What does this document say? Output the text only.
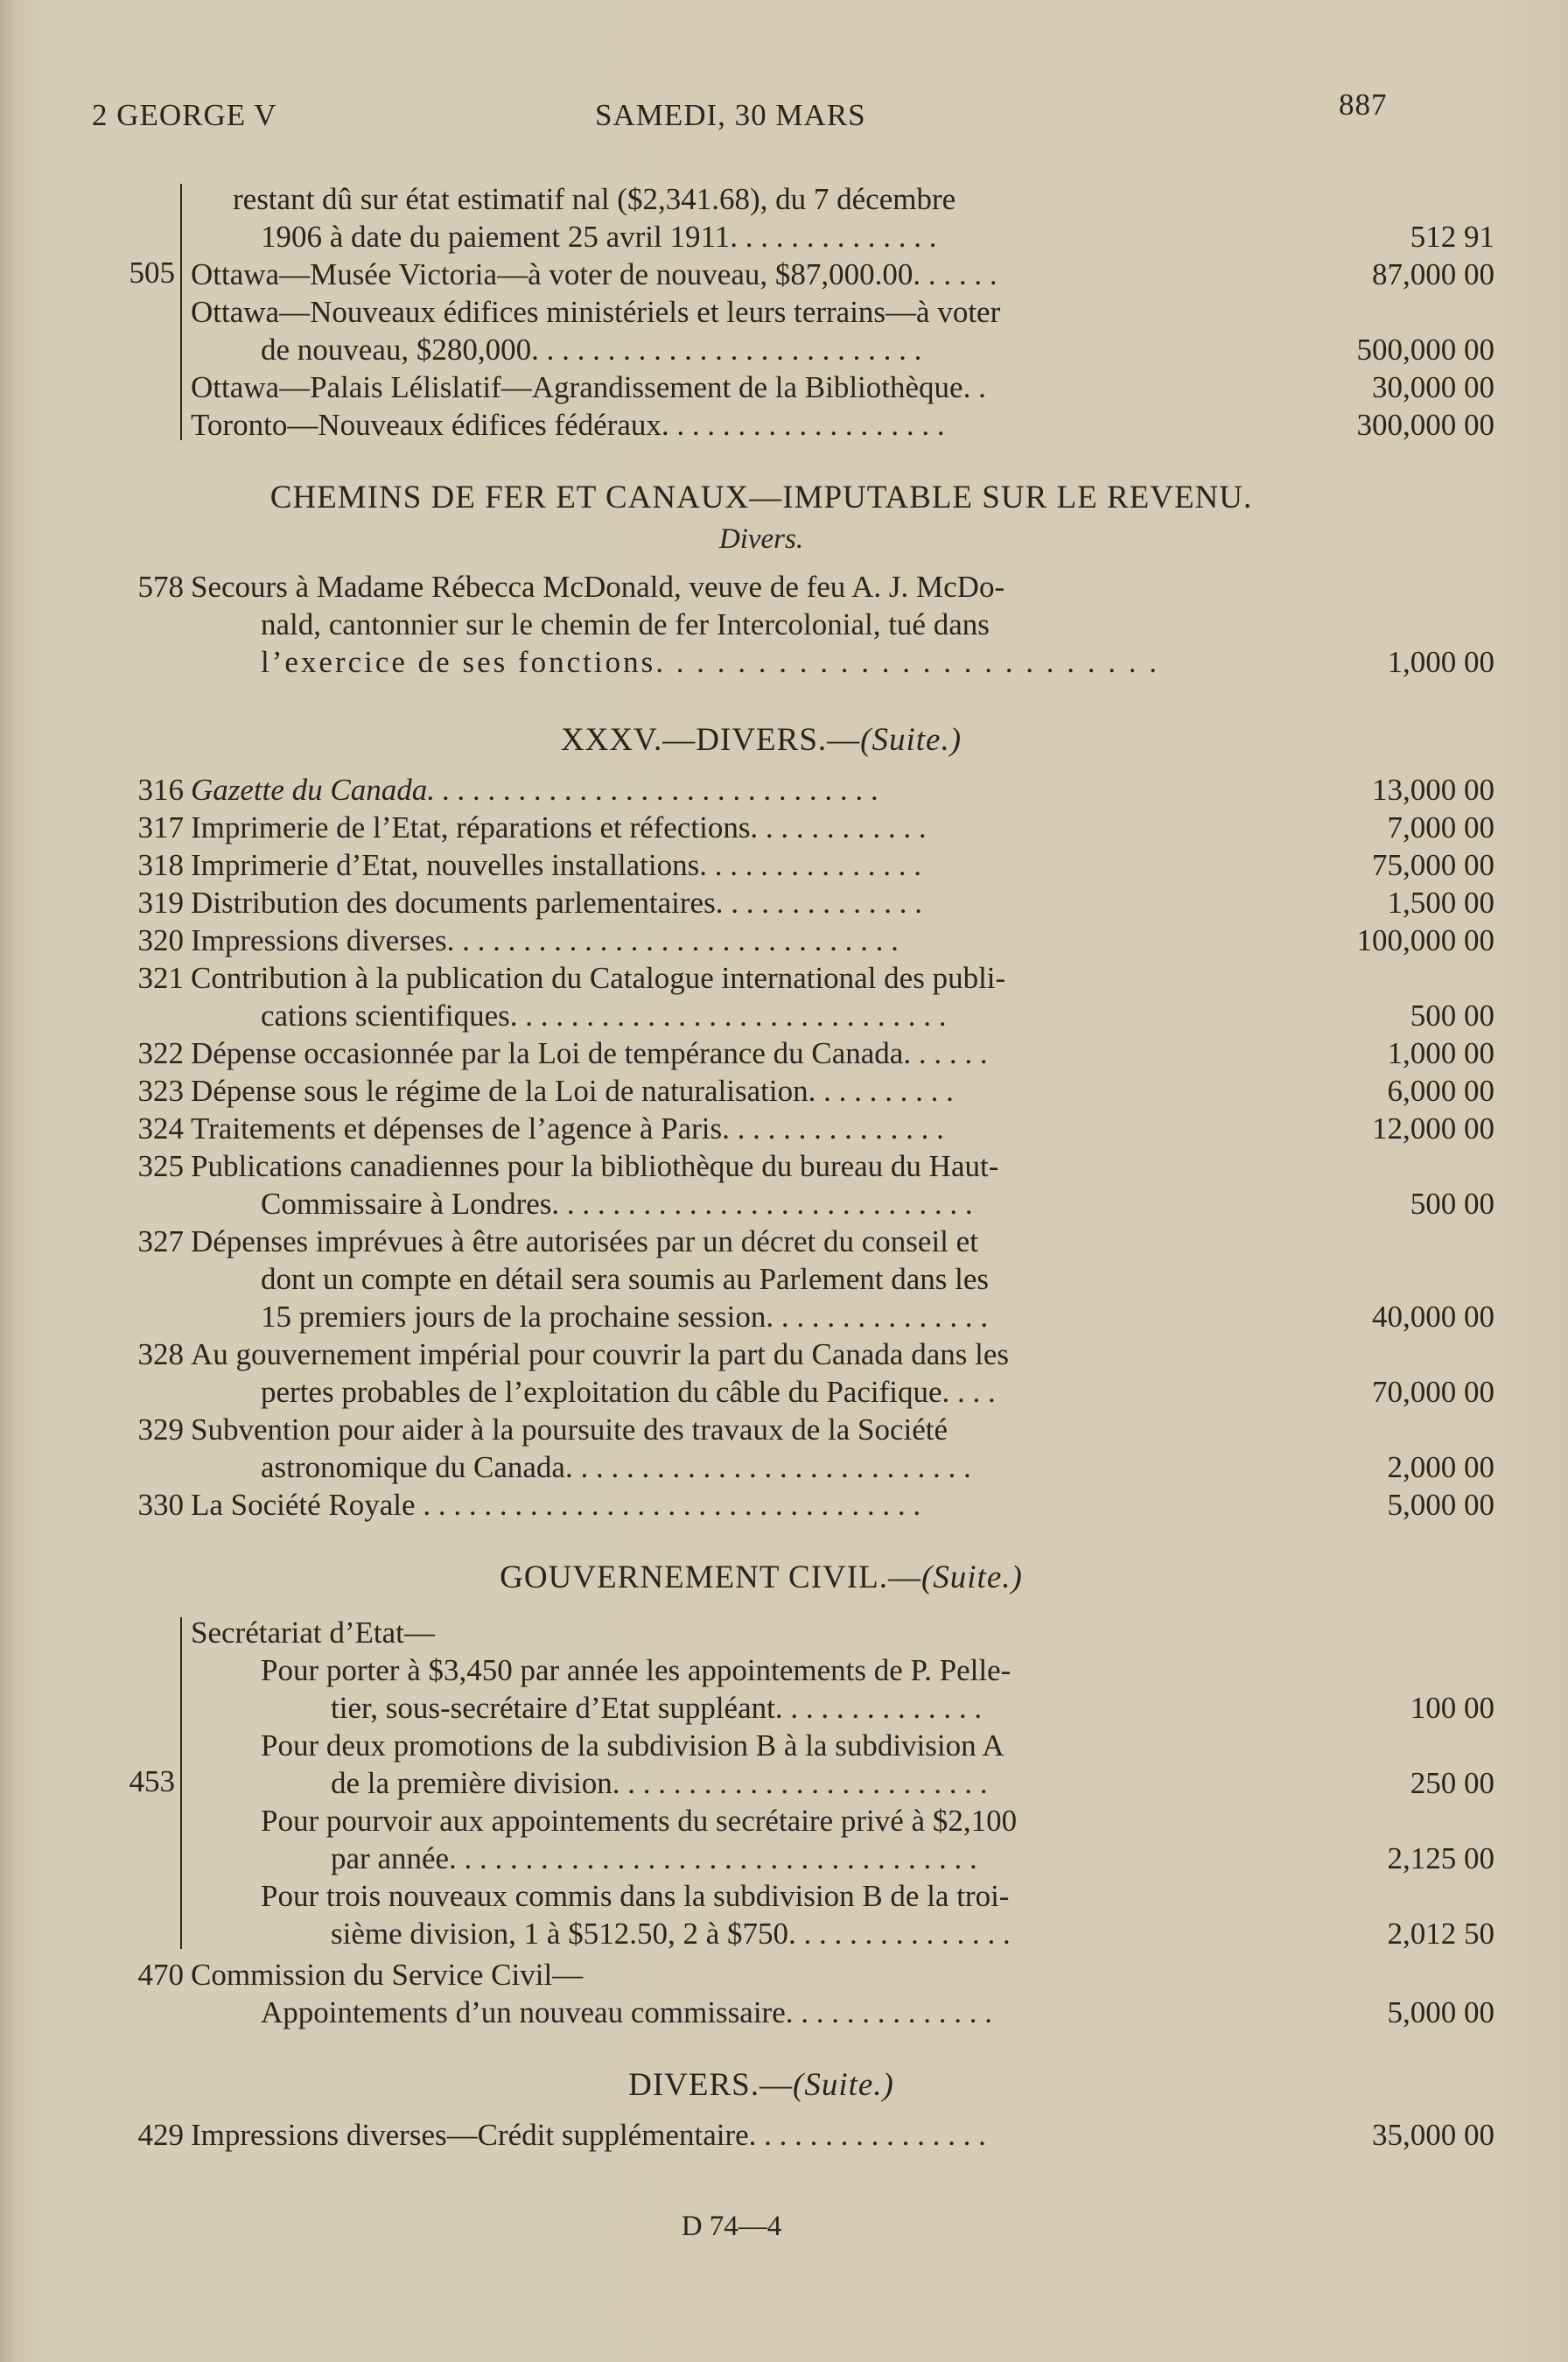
2 GEORGE V	SAMEDI, 30 MARS	887
505
restant dû sur état estimatif nal ($2,341.68), du 7 décembre
1906 à date du paiement 25 avril 1911. . . . . . . . . . . . . .	512 91
Ottawa—Musée Victoria—à voter de nouveau, $87,000.00. . . . . .	87,000 00
Ottawa—Nouveaux édifices ministériels et leurs terrains—à voter
de nouveau, $280,000. . . . . . . . . . . . . . . . . . . . . . . . . .	500,000 00
Ottawa—Palais Lélislatif—Agrandissement de la Bibliothèque. .	30,000 00
Toronto—Nouveaux édifices fédéraux. . . . . . . . . . . . . . . . . . .	300,000 00
CHEMINS DE FER ET CANAUX—IMPUTABLE SUR LE REVENU.
Divers.
578 Secours à Madame Rébecca McDonald, veuve de feu A. J. McDo-
nald, cantonnier sur le chemin de fer Intercolonial, tué dans
l’exercice de ses fonctions. . . . . . . . . . . . . . . . . . . . . . . . .	1,000 00
XXXV.—DIVERS.—(Suite.)
316 Gazette du Canada. . . . . . . . . . . . . . . . . . . . . . . . . . . . . .	13,000 00
317 Imprimerie de l’Etat, réparations et réfections. . . . . . . . . . . .	7,000 00
318 Imprimerie d’Etat, nouvelles installations. . . . . . . . . . . . . . .	75,000 00
319 Distribution des documents parlementaires. . . . . . . . . . . . . .	1,500 00
320 Impressions diverses. . . . . . . . . . . . . . . . . . . . . . . . . . . . . .	100,000 00
321 Contribution à la publication du Catalogue international des publi-
cations scientifiques. . . . . . . . . . . . . . . . . . . . . . . . . . . . .	500 00
322 Dépense occasionnée par la Loi de tempérance du Canada. . . . . .	1,000 00
323 Dépense sous le régime de la Loi de naturalisation. . . . . . . . . .	6,000 00
324 Traitements et dépenses de l’agence à Paris. . . . . . . . . . . . . . .	12,000 00
325 Publications canadiennes pour la bibliothèque du bureau du Haut-
Commissaire à Londres. . . . . . . . . . . . . . . . . . . . . . . . . . . .	500 00
327 Dépenses imprévues à être autorisées par un décret du conseil et
dont un compte en détail sera soumis au Parlement dans les
15 premiers jours de la prochaine session. . . . . . . . . . . . . . .	40,000 00
328 Au gouvernement impérial pour couvrir la part du Canada dans les
pertes probables de l’exploitation du câble du Pacifique. . . .	70,000 00
329 Subvention pour aider à la poursuite des travaux de la Société
astronomique du Canada. . . . . . . . . . . . . . . . . . . . . . . . . . .	2,000 00
330 La Société Royale . . . . . . . . . . . . . . . . . . . . . . . . . . . . . . . . .	5,000 00
GOUVERNEMENT CIVIL.—(Suite.)
453
Secrétariat d’Etat—
Pour porter à $3,450 par année les appointements de P. Pelle-
tier, sous-secrétaire d’Etat suppléant. . . . . . . . . . . . . .	100 00
Pour deux promotions de la subdivision B à la subdivision A
de la première division. . . . . . . . . . . . . . . . . . . . . . . . .	250 00
Pour pourvoir aux appointements du secrétaire privé à $2,100
par année. . . . . . . . . . . . . . . . . . . . . . . . . . . . . . . . . . .	2,125 00
Pour trois nouveaux commis dans la subdivision B de la troi-
sième division, 1 à $512.50, 2 à $750. . . . . . . . . . . . . . .	2,012 50
470 Commission du Service Civil—
Appointements d’un nouveau commissaire. . . . . . . . . . . . . .	5,000 00
DIVERS.—(Suite.)
429 Impressions diverses—Crédit supplémentaire. . . . . . . . . . . . . . . .	35,000 00
D 74—4
